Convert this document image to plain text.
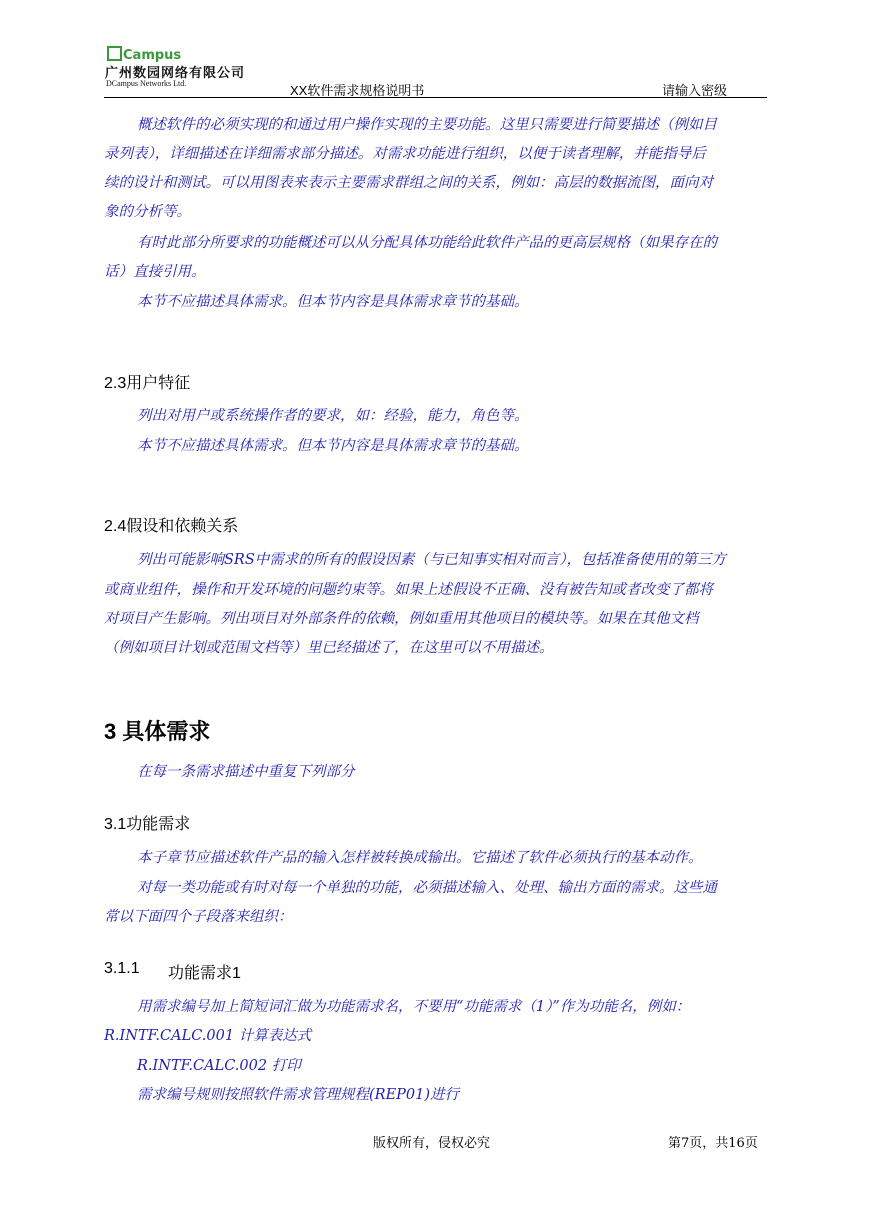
Campus
广州数园网络有限公司
DCampus Networks Ltd.	XX软件需求规格说明书	请输入密级
概述软件的必须实现的和通过用户操作实现的主要功能。这里只需要进行简要描述（例如目
录列表），详细描述在详细需求部分描述。对需求功能进行组织，以便于读者理解，并能指导后
续的设计和测试。可以用图表来表示主要需求群组之间的关系，例如：高层的数据流图，面向对
象的分析等。
有时此部分所要求的功能概述可以从分配具体功能给此软件产品的更高层规格（如果存在的
话）直接引用。
本节不应描述具体需求。但本节内容是具体需求章节的基础。
2.3用户特征
列出对用户或系统操作者的要求，如：经验，能力，角色等。
本节不应描述具体需求。但本节内容是具体需求章节的基础。
2.4假设和依赖关系
列出可能影响SRS中需求的所有的假设因素（与已知事实相对而言），包括准备使用的第三方
或商业组件，操作和开发环境的问题约束等。如果上述假设不正确、没有被告知或者改变了都将
对项目产生影响。列出项目对外部条件的依赖，例如重用其他项目的模块等。如果在其他文档
（例如项目计划或范围文档等）里已经描述了，在这里可以不用描述。
3 具体需求
在每一条需求描述中重复下列部分
3.1功能需求
本子章节应描述软件产品的输入怎样被转换成输出。它描述了软件必须执行的基本动作。
对每一类功能或有时对每一个单独的功能，必须描述输入、处理、输出方面的需求。这些通
常以下面四个子段落来组织：
3.1.1 功能需求1
用需求编号加上简短词汇做为功能需求名，不要用“功能需求（1）”作为功能名，例如：
R.INTF.CALC.001 计算表达式
R.INTF.CALC.002 打印
需求编号规则按照软件需求管理规程(REP01)进行
版权所有，侵权必究	第7页，共16页
